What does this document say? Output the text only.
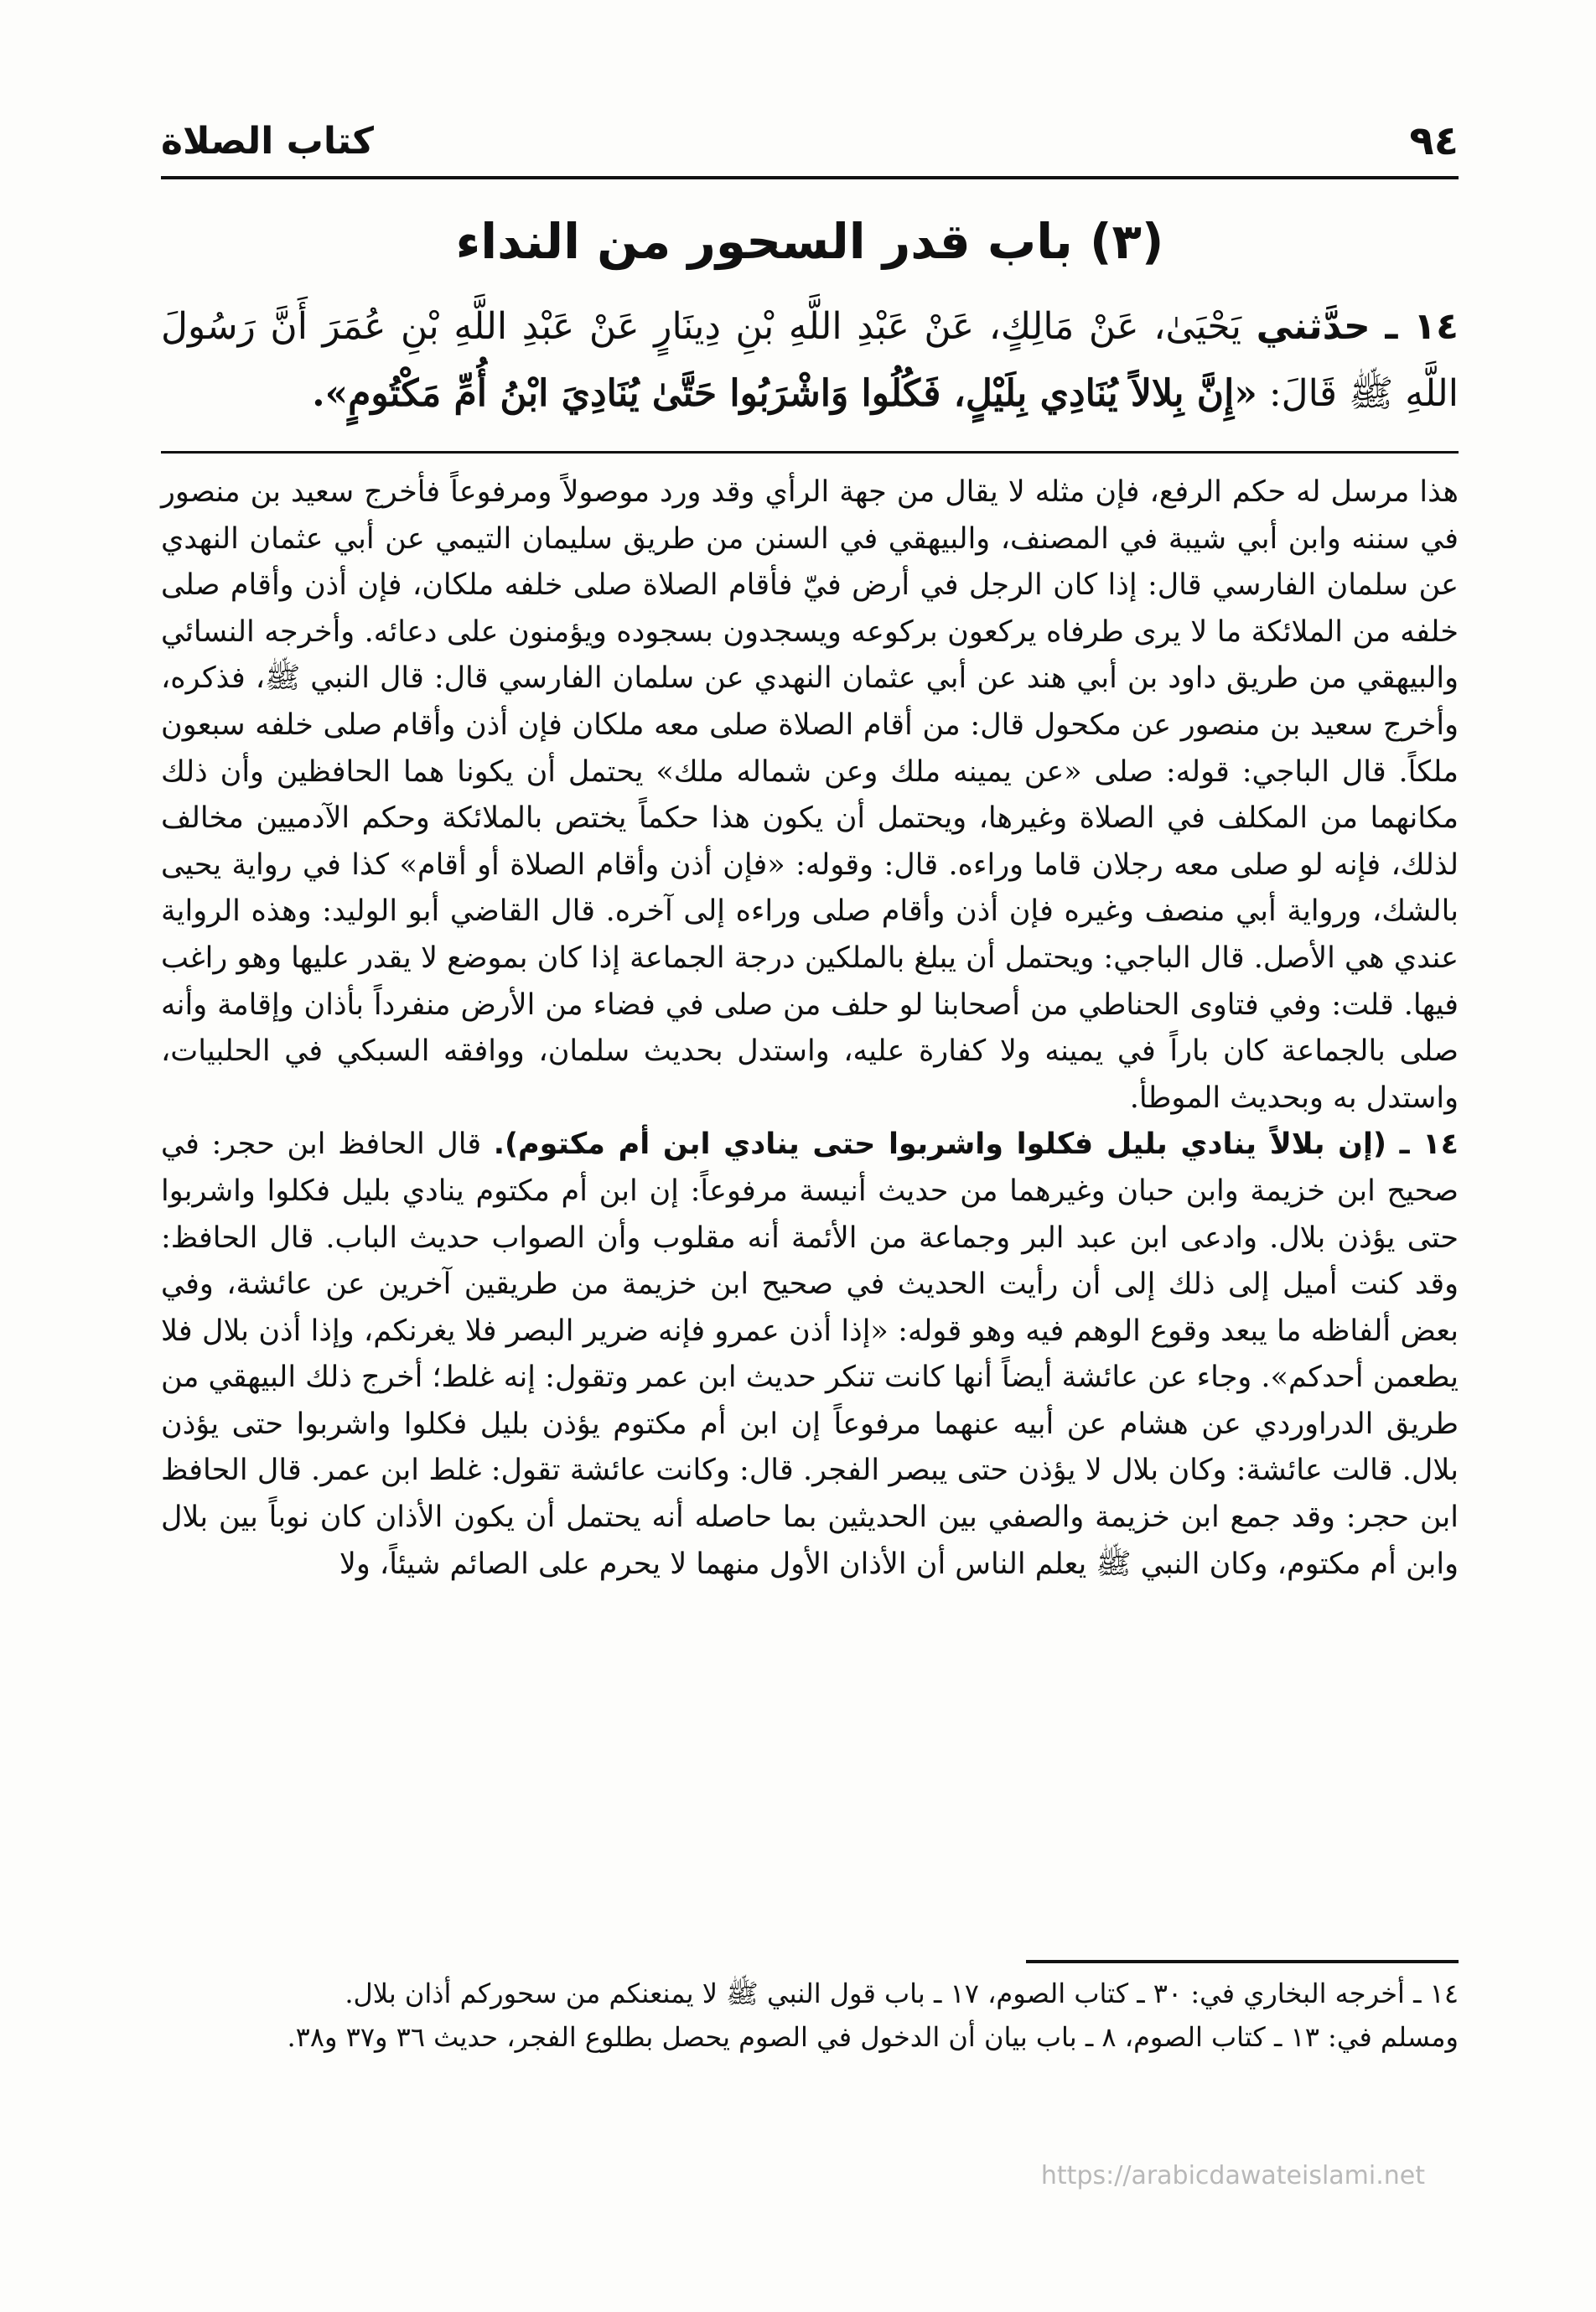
٩٤
كتاب الصلاة
(٣) باب قدر السحور من النداء
١٤ ـ حدَّثني يَحْيَىٰ، عَنْ مَالِكٍ، عَنْ عَبْدِ اللَّهِ بْنِ دِينَارٍ عَنْ عَبْدِ اللَّهِ بْنِ عُمَرَ أَنَّ رَسُولَ اللَّهِ ﷺ قَالَ: «إِنَّ بِلالاً يُنَادِي بِلَيْلٍ، فَكُلُوا وَاشْرَبُوا حَتَّىٰ يُنَادِيَ ابْنُ أُمِّ مَكْتُومٍ».

هذا مرسل له حكم الرفع، فإن مثله لا يقال من جهة الرأي وقد ورد موصولاً ومرفوعاً فأخرج سعيد بن منصور في سننه وابن أبي شيبة في المصنف، والبيهقي في السنن من طريق سليمان التيمي عن أبي عثمان النهدي عن سلمان الفارسي قال: إذا كان الرجل في أرض فيّ فأقام الصلاة صلى خلفه ملكان، فإن أذن وأقام صلى خلفه من الملائكة ما لا يرى طرفاه يركعون بركوعه ويسجدون بسجوده ويؤمنون على دعائه. وأخرجه النسائي والبيهقي من طريق داود بن أبي هند عن أبي عثمان النهدي عن سلمان الفارسي قال: قال النبي ﷺ، فذكره، وأخرج سعيد بن منصور عن مكحول قال: من أقام الصلاة صلى معه ملكان فإن أذن وأقام صلى خلفه سبعون ملكاً. قال الباجي: قوله: صلى «عن يمينه ملك وعن شماله ملك» يحتمل أن يكونا هما الحافظين وأن ذلك مكانهما من المكلف في الصلاة وغيرها، ويحتمل أن يكون هذا حكماً يختص بالملائكة وحكم الآدميين مخالف لذلك، فإنه لو صلى معه رجلان قاما وراءه. قال: وقوله: «فإن أذن وأقام الصلاة أو أقام» كذا في رواية يحيى بالشك، ورواية أبي منصف وغيره فإن أذن وأقام صلى وراءه إلى آخره. قال القاضي أبو الوليد: وهذه الرواية عندي هي الأصل. قال الباجي: ويحتمل أن يبلغ بالملكين درجة الجماعة إذا كان بموضع لا يقدر عليها وهو راغب فيها. قلت: وفي فتاوى الحناطي من أصحابنا لو حلف من صلى في فضاء من الأرض منفرداً بأذان وإقامة وأنه صلى بالجماعة كان باراً في يمينه ولا كفارة عليه، واستدل بحديث سلمان، ووافقه السبكي في الحلبيات، واستدل به وبحديث الموطأ.

١٤ ـ (إن بلالاً ينادي بليل فكلوا واشربوا حتى ينادي ابن أم مكتوم). قال الحافظ ابن حجر: في صحيح ابن خزيمة وابن حبان وغيرهما من حديث أنيسة مرفوعاً: إن ابن أم مكتوم ينادي بليل فكلوا واشربوا حتى يؤذن بلال. وادعى ابن عبد البر وجماعة من الأئمة أنه مقلوب وأن الصواب حديث الباب. قال الحافظ: وقد كنت أميل إلى ذلك إلى أن رأيت الحديث في صحيح ابن خزيمة من طريقين آخرين عن عائشة، وفي بعض ألفاظه ما يبعد وقوع الوهم فيه وهو قوله: «إذا أذن عمرو فإنه ضرير البصر فلا يغرنكم، وإذا أذن بلال فلا يطعمن أحدكم». وجاء عن عائشة أيضاً أنها كانت تنكر حديث ابن عمر وتقول: إنه غلط؛ أخرج ذلك البيهقي من طريق الدراوردي عن هشام عن أبيه عنهما مرفوعاً إن ابن أم مكتوم يؤذن بليل فكلوا واشربوا حتى يؤذن بلال. قالت عائشة: وكان بلال لا يؤذن حتى يبصر الفجر. قال: وكانت عائشة تقول: غلط ابن عمر. قال الحافظ ابن حجر: وقد جمع ابن خزيمة والصفي بين الحديثين بما حاصله أنه يحتمل أن يكون الأذان كان نوباً بين بلال وابن أم مكتوم، وكان النبي ﷺ يعلم الناس أن الأذان الأول منهما لا يحرم على الصائم شيئاً، ولا

١٤ ـ أخرجه البخاري في: ٣٠ ـ كتاب الصوم، ١٧ ـ باب قول النبي ﷺ لا يمنعنكم من سحوركم أذان بلال.

ومسلم في: ١٣ ـ كتاب الصوم، ٨ ـ باب بيان أن الدخول في الصوم يحصل بطلوع الفجر، حديث ٣٦ و٣٧ و٣٨.

https://arabicdawateislami.net
